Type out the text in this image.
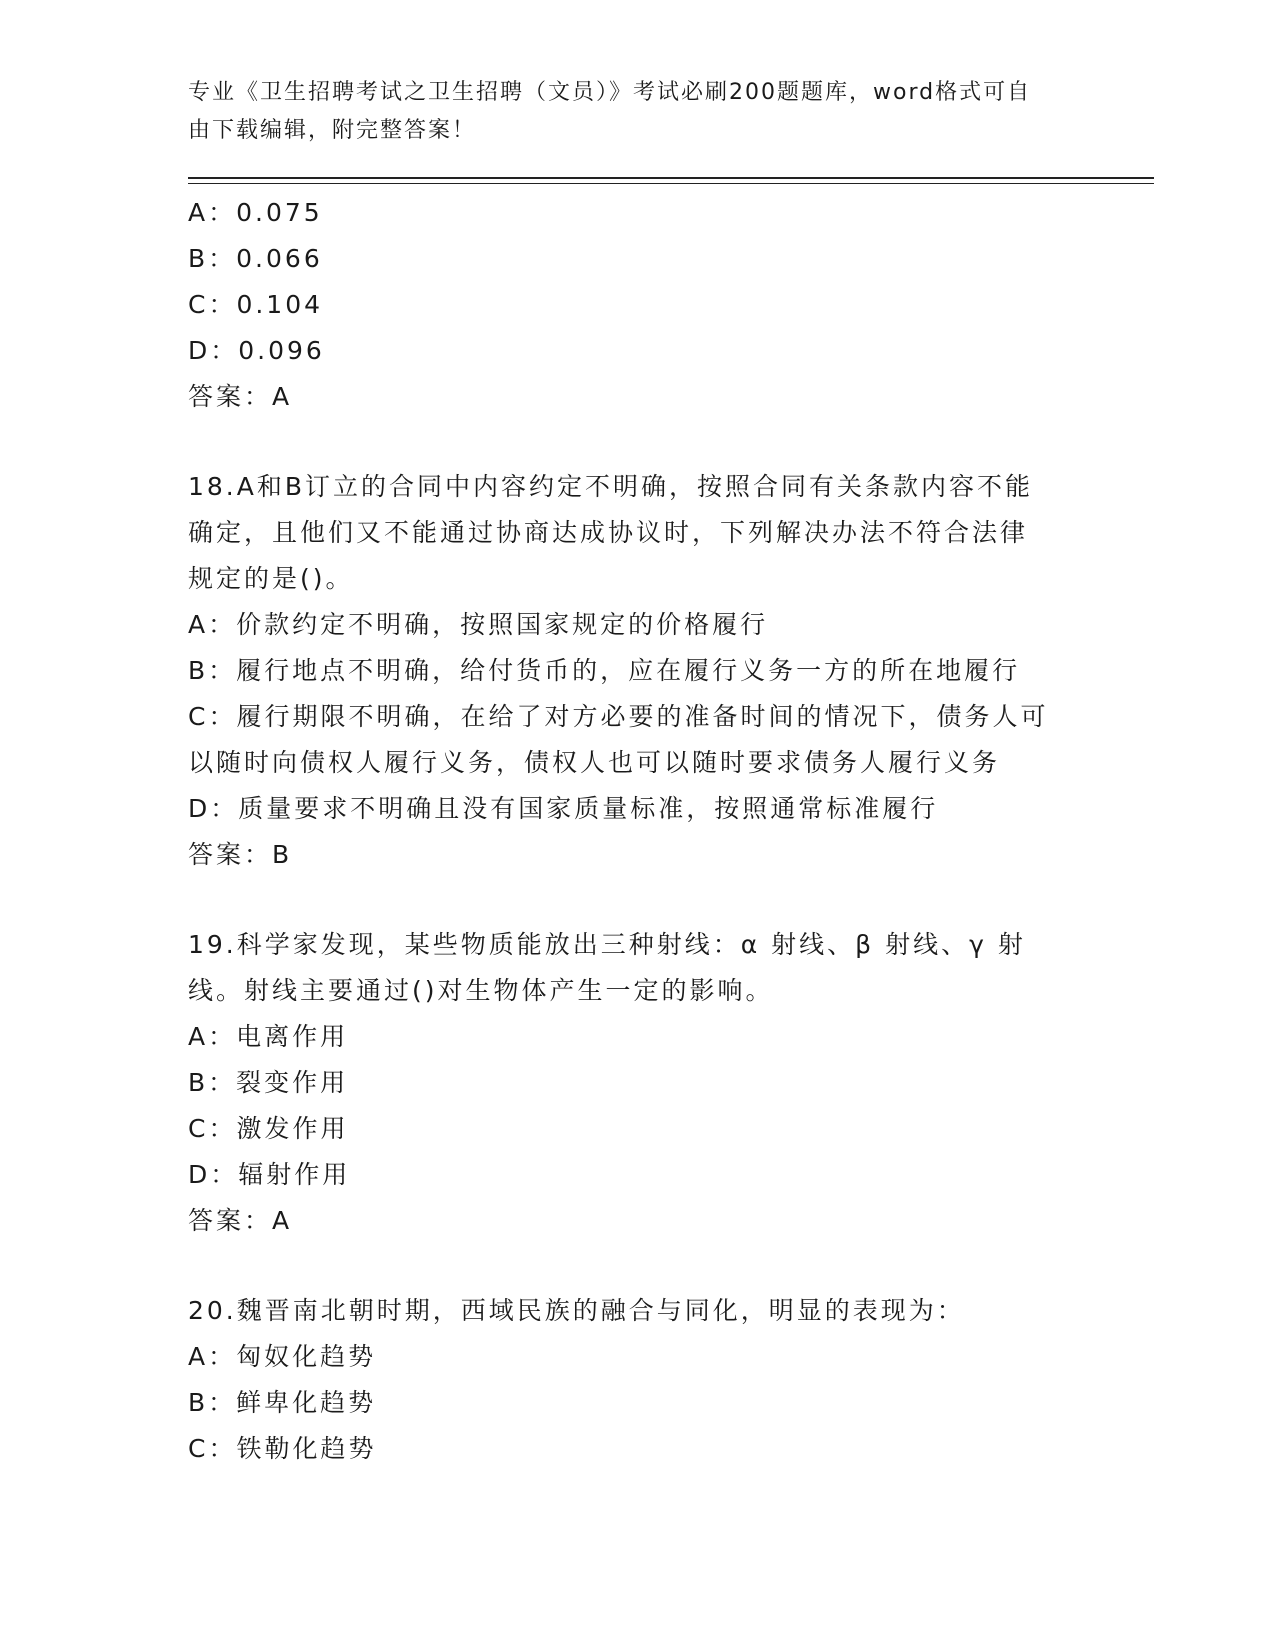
专业《卫生招聘考试之卫生招聘（文员）》考试必刷200题题库，word格式可自
由下载编辑，附完整答案！
A：0.075
B：0.066
C：0.104
D：0.096
答案：A
18.A和B订立的合同中内容约定不明确，按照合同有关条款内容不能
确定，且他们又不能通过协商达成协议时，下列解决办法不符合法律
规定的是()。
A：价款约定不明确，按照国家规定的价格履行
B：履行地点不明确，给付货币的，应在履行义务一方的所在地履行
C：履行期限不明确，在给了对方必要的准备时间的情况下，债务人可
以随时向债权人履行义务，债权人也可以随时要求债务人履行义务
D：质量要求不明确且没有国家质量标准，按照通常标准履行
答案：B
19.科学家发现，某些物质能放出三种射线：α 射线、β 射线、γ 射
线。射线主要通过()对生物体产生一定的影响。
A：电离作用
B：裂变作用
C：激发作用
D：辐射作用
答案：A
20.魏晋南北朝时期，西域民族的融合与同化，明显的表现为：
A：匈奴化趋势
B：鲜卑化趋势
C：铁勒化趋势
